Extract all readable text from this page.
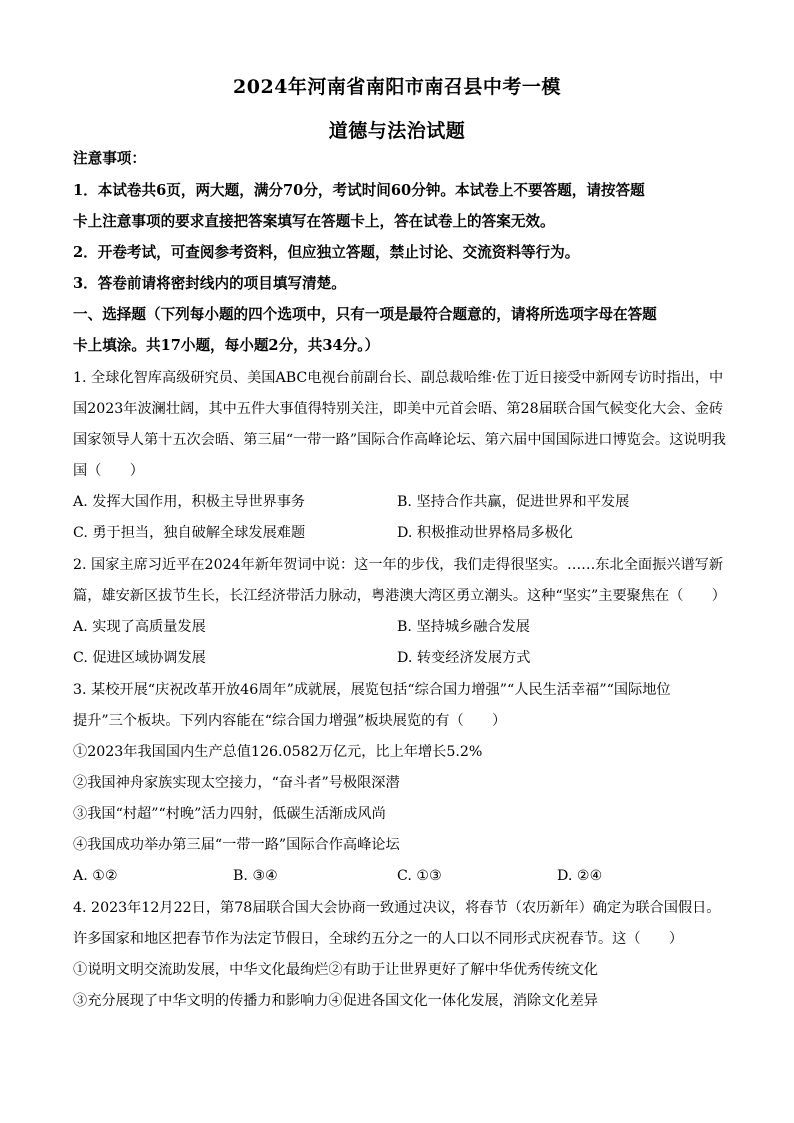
2024年河南省南阳市南召县中考一模
道德与法治试题
注意事项：
1．本试卷共6页，两大题，满分70分，考试时间60分钟。本试卷上不要答题，请按答题
卡上注意事项的要求直接把答案填写在答题卡上，答在试卷上的答案无效。
2．开卷考试，可查阅参考资料，但应独立答题，禁止讨论、交流资料等行为。
3．答卷前请将密封线内的项目填写清楚。
一、选择题（下列每小题的四个选项中，只有一项是最符合题意的，请将所选项字母在答题
卡上填涂。共17小题，每小题2分，共34分。）
1. 全球化智库高级研究员、美国ABC电视台前副台长、副总裁哈维·佐丁近日接受中新网专访时指出，中
国2023年波澜壮阔，其中五件大事值得特别关注，即美中元首会晤、第28届联合国气候变化大会、金砖
国家领导人第十五次会晤、第三届“一带一路”国际合作高峰论坛、第六届中国国际进口博览会。这说明我
国（　　）
A. 发挥大国作用，积极主导世界事务	B. 坚持合作共赢，促进世界和平发展
C. 勇于担当，独自破解全球发展难题	D. 积极推动世界格局多极化
2. 国家主席习近平在2024年新年贺词中说：这一年的步伐，我们走得很坚实。……东北全面振兴谱写新
篇，雄安新区拔节生长，长江经济带活力脉动，粤港澳大湾区勇立潮头。这种“坚实”主要聚焦在（　　）
A. 实现了高质量发展	B. 坚持城乡融合发展
C. 促进区域协调发展	D. 转变经济发展方式
3. 某校开展“庆祝改革开放46周年”成就展，展览包括“综合国力增强”“人民生活幸福”“国际地位
提升”三个板块。下列内容能在“综合国力增强”板块展览的有（　　）
①2023年我国国内生产总值126.0582万亿元，比上年增长5.2%
②我国神舟家族实现太空接力，“奋斗者”号极限深潜
③我国“村超”“村晚”活力四射，低碳生活渐成风尚
④我国成功举办第三届“一带一路”国际合作高峰论坛
A. ①②	B. ③④	C. ①③	D. ②④
4. 2023年12月22日，第78届联合国大会协商一致通过决议，将春节（农历新年）确定为联合国假日。
许多国家和地区把春节作为法定节假日，全球约五分之一的人口以不同形式庆祝春节。这（　　）
①说明文明交流助发展，中华文化最绚烂②有助于让世界更好了解中华优秀传统文化
③充分展现了中华文明的传播力和影响力④促进各国文化一体化发展，消除文化差异
